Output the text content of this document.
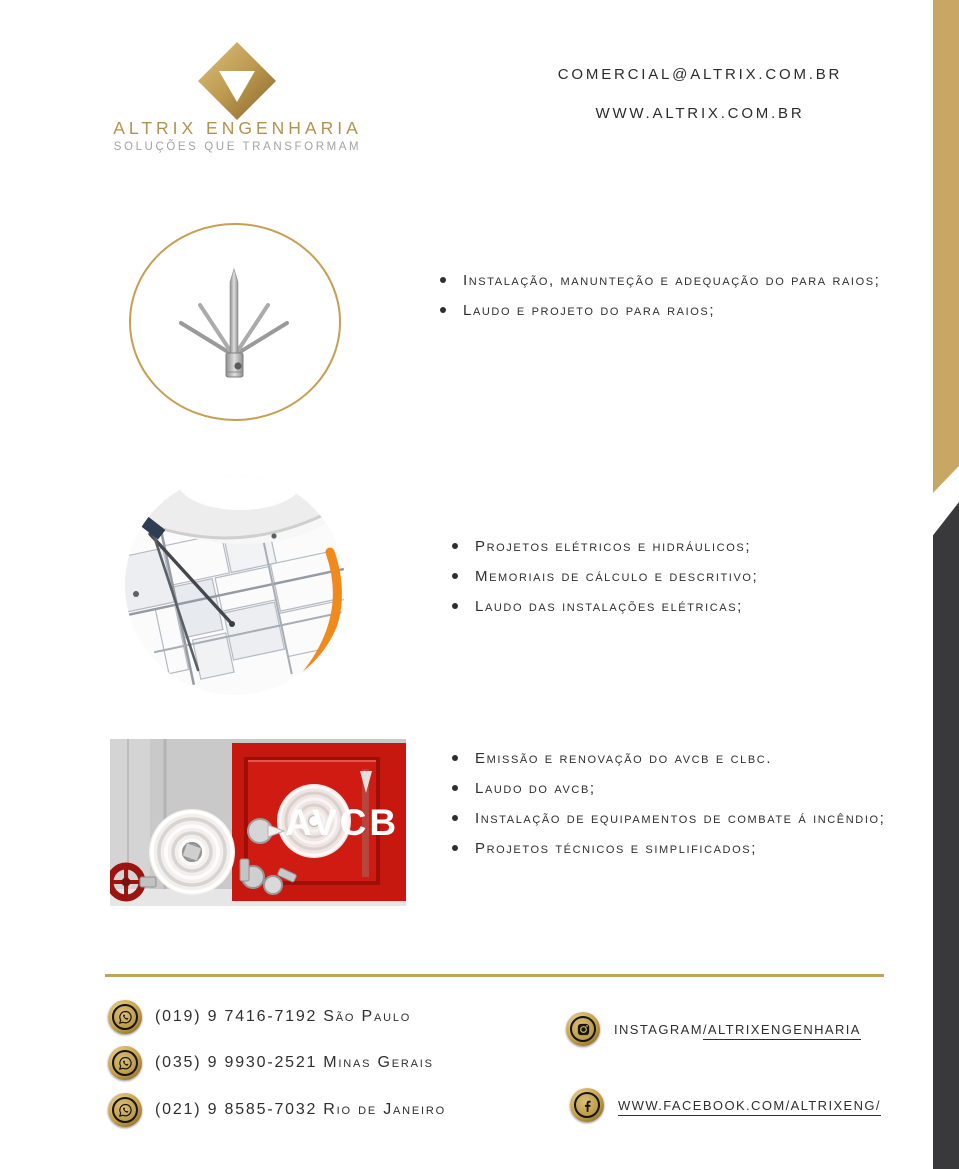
ALTRIX ENGENHARIA
SOLUÇÕES QUE TRANSFORMAM
COMERCIAL@ALTRIX.COM.BR
WWW.ALTRIX.COM.BR
Instalação, manunteção e adequação do para raios;
Laudo e projeto do para raios;
Projetos elétricos e hidráulicos;
Memoriais de cálculo e descritivo;
Laudo das instalações elétricas;
AVCB
Emissão e renovação do avcb e clbc.
Laudo do avcb;
Instalação de equipamentos de combate á incêndio;
Projetos técnicos e simplificados;
(019) 9 7416-7192 São Paulo
(035) 9 9930-2521 Minas Gerais
(021) 9 8585-7032 Rio de Janeiro
INSTAGRAM/ALTRIXENGENHARIA
WWW.FACEBOOK.COM/ALTRIXENG/
